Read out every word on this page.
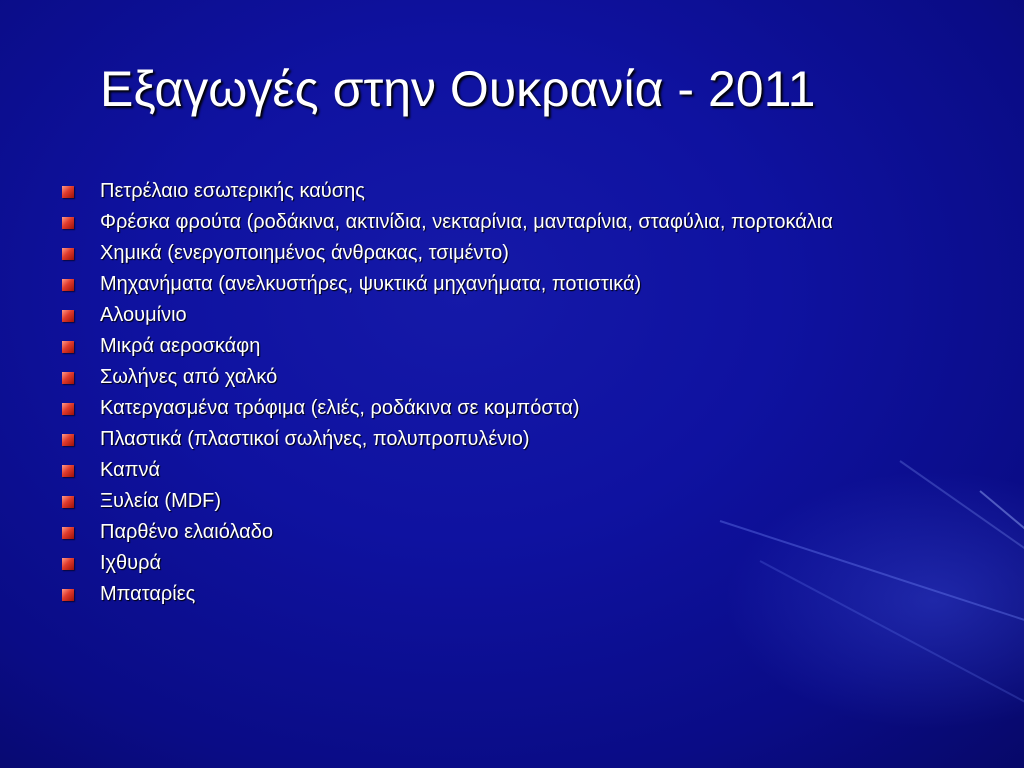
Εξαγωγές στην Ουκρανία - 2011
Πετρέλαιο εσωτερικής καύσης
Φρέσκα φρούτα (ροδάκινα, ακτινίδια, νεκταρίνια, μανταρίνια, σταφύλια, πορτοκάλια
Χημικά (ενεργοποιημένος άνθρακας, τσιμέντο)
Μηχανήματα (ανελκυστήρες, ψυκτικά μηχανήματα, ποτιστικά)
Αλουμίνιο
Μικρά αεροσκάφη
Σωλήνες από χαλκό
Κατεργασμένα τρόφιμα (ελιές, ροδάκινα σε κομπόστα)
Πλαστικά (πλαστικοί σωλήνες, πολυπροπυλένιο)
Καπνά
Ξυλεία (MDF)
Παρθένο ελαιόλαδο
Ιχθυρά
Μπαταρίες
